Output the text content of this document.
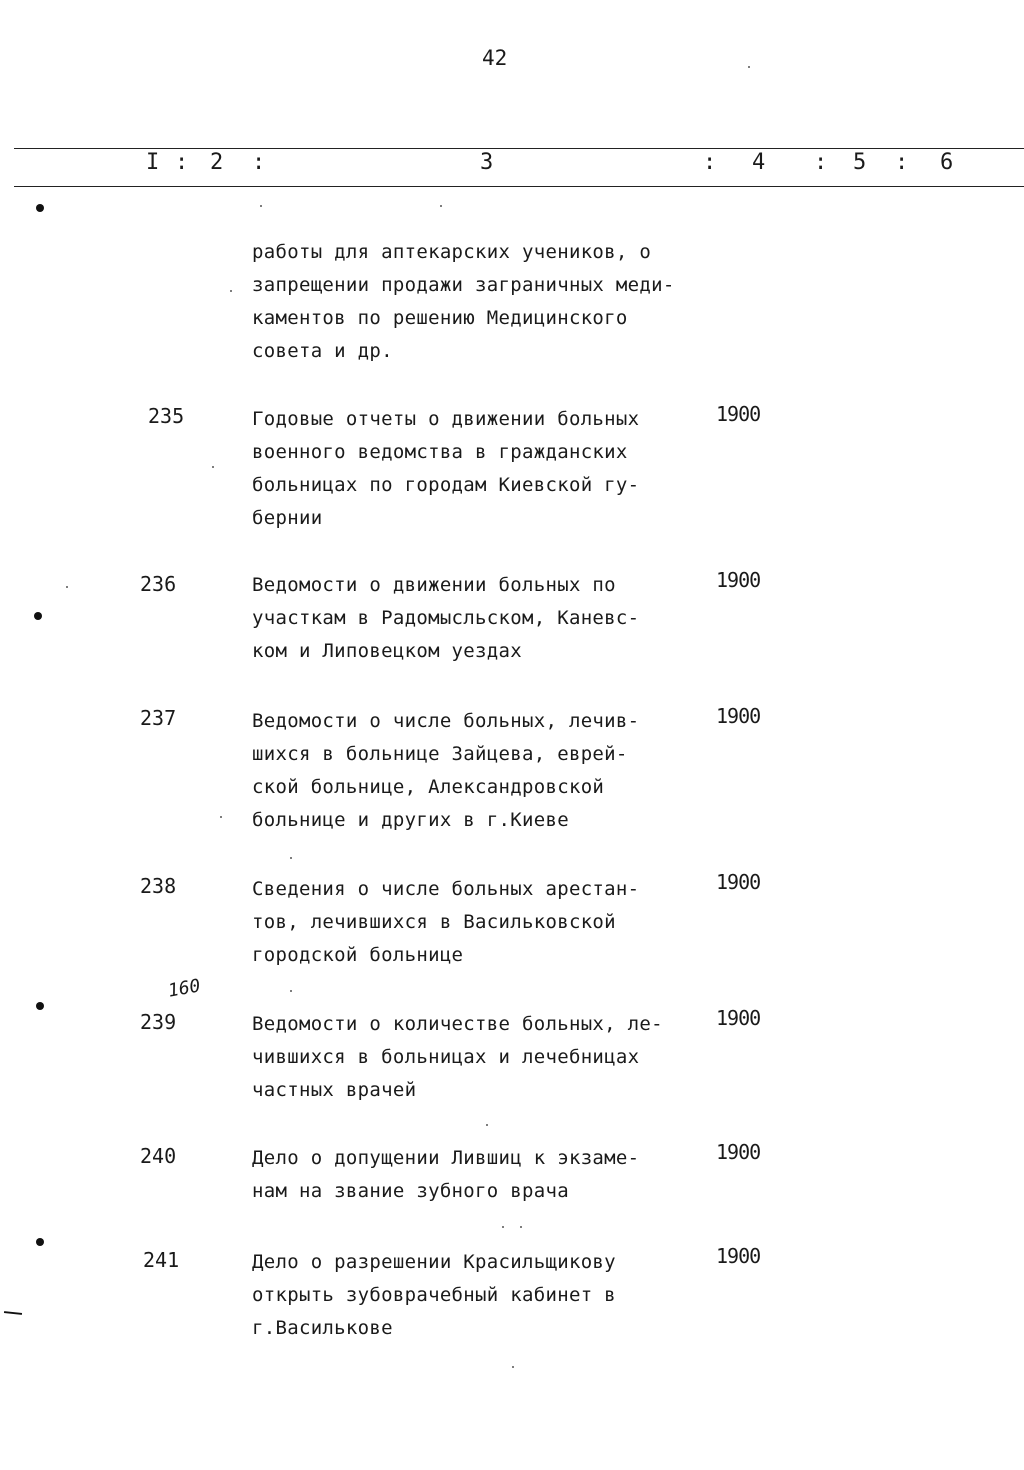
42
I : 2 :	3	: 4 : 5 : 6
работы для аптекарских учеников, о
запрещении продажи заграничных меди-
каментов по решению Медицинского
совета и др.
235	Годовые отчеты о движении больных
военного ведомства в гражданских
больницах по городам Киевской гу-
бернии
1900
236	Ведомости о движении больных по
участкам в Радомысльском, Каневс-
ком и Липовецком уездах
1900
237	Ведомости о числе больных, лечив-
шихся в больнице Зайцева, еврей-
ской больнице, Александровской
больнице и других в г.Киеве
1900
238	Сведения о числе больных арестан-
тов, лечившихся в Васильковской
городской больнице
1900
160
239	Ведомости о количестве больных, ле-
чившихся в больницах и лечебницах
частных врачей
1900
240	Дело о допущении Лившиц к экзаме-
нам на звание зубного врача
1900
241	Дело о разрешении Красильщикову
открыть зубоврачебный кабинет в
г.Василькове
1900
